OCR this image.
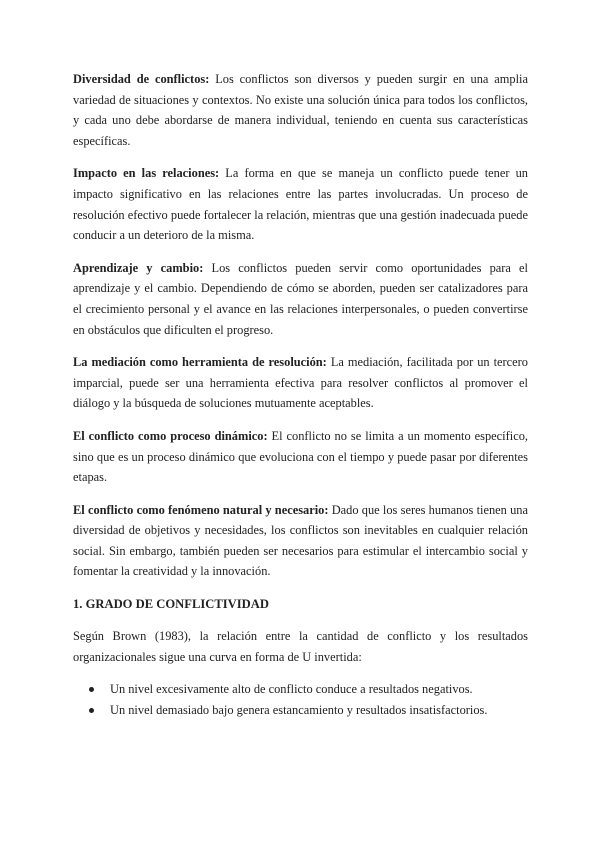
Diversidad de conflictos: Los conflictos son diversos y pueden surgir en una amplia variedad de situaciones y contextos. No existe una solución única para todos los conflictos, y cada uno debe abordarse de manera individual, teniendo en cuenta sus características específicas.

Impacto en las relaciones: La forma en que se maneja un conflicto puede tener un impacto significativo en las relaciones entre las partes involucradas. Un proceso de resolución efectivo puede fortalecer la relación, mientras que una gestión inadecuada puede conducir a un deterioro de la misma.

Aprendizaje y cambio: Los conflictos pueden servir como oportunidades para el aprendizaje y el cambio. Dependiendo de cómo se aborden, pueden ser catalizadores para el crecimiento personal y el avance en las relaciones interpersonales, o pueden convertirse en obstáculos que dificulten el progreso.

La mediación como herramienta de resolución: La mediación, facilitada por un tercero imparcial, puede ser una herramienta efectiva para resolver conflictos al promover el diálogo y la búsqueda de soluciones mutuamente aceptables.

El conflicto como proceso dinámico: El conflicto no se limita a un momento específico, sino que es un proceso dinámico que evoluciona con el tiempo y puede pasar por diferentes etapas.

El conflicto como fenómeno natural y necesario: Dado que los seres humanos tienen una diversidad de objetivos y necesidades, los conflictos son inevitables en cualquier relación social. Sin embargo, también pueden ser necesarios para estimular el intercambio social y fomentar la creatividad y la innovación.

1. GRADO DE CONFLICTIVIDAD

Según Brown (1983), la relación entre la cantidad de conflicto y los resultados organizacionales sigue una curva en forma de U invertida:

Un nivel excesivamente alto de conflicto conduce a resultados negativos.
Un nivel demasiado bajo genera estancamiento y resultados insatisfactorios.
